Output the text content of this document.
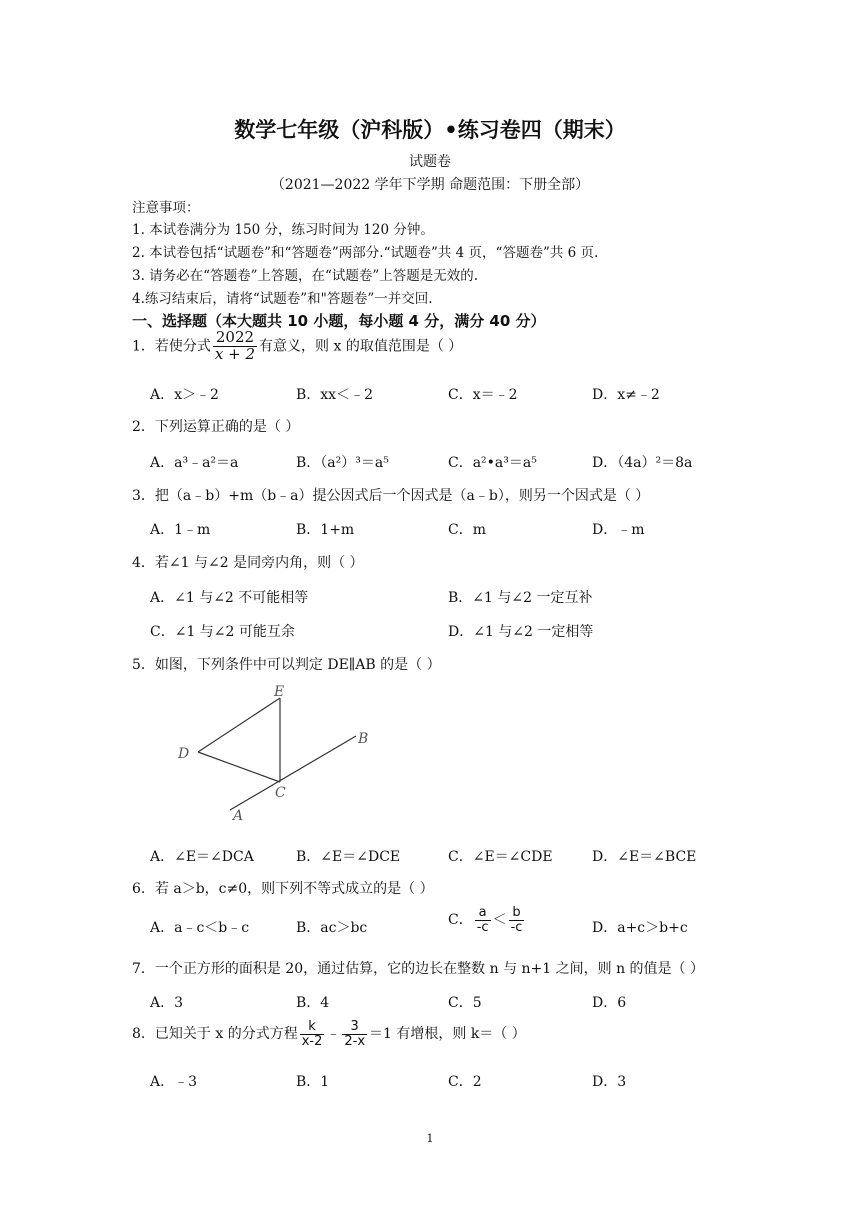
数学七年级（沪科版）•练习卷四（期末）
试题卷
（2021—2022 学年下学期 命题范围：下册全部）
注意事项：
1. 本试卷满分为 150 分，练习时间为 120 分钟。
2. 本试卷包括“试题卷”和“答题卷”两部分.“试题卷”共 4 页，“答题卷”共 6 页.
3. 请务必在“答题卷”上答题，在“试题卷”上答题是无效的.
4.练习结束后，请将“试题卷”和"答题卷”一并交回.
一、选择题（本大题共 10 小题，每小题 4 分，满分 40 分）
1．若使分式 $\frac{2022}{x + 2}$ 有意义，则 x 的取值范围是（ ）
A．x＞﹣2	B．xx＜﹣2	C．x＝﹣2	D．x≠﹣2
2．下列运算正确的是（ ）
A．a³﹣a²＝a	B．（a²）³＝a⁵	C．a²•a³＝a⁵	D．（4a）²＝8a
3．把（a﹣b）+m（b﹣a）提公因式后一个因式是（a﹣b），则另一个因式是（ ）
A．1﹣m	B．1+m	C．m	D．﹣m
4．若∠1 与∠2 是同旁内角，则（ ）
A．∠1 与∠2 不可能相等	B．∠1 与∠2 一定互补
C．∠1 与∠2 可能互余	D．∠1 与∠2 一定相等
5．如图，下列条件中可以判定 DE∥AB 的是（ ）
E
D
B
C
A
A．∠E＝∠DCA	B．∠E＝∠DCE	C．∠E＝∠CDE	D．∠E＝∠BCE
6．若 a＞b，c≠0，则下列不等式成立的是（ ）
A．a﹣c＜b﹣c	B．ac＞bc	C． $\frac{a}{-c} < \frac{b}{-c}$	D．a+c＞b+c
7．一个正方形的面积是 20，通过估算，它的边长在整数 n 与 n+1 之间，则 n 的值是（ ）
A．3	B．4	C．5	D．6
8．已知关于 x 的分式方程 $\frac{k}{x-2}$ ﹣ $\frac{3}{2-x} =1$ 有增根，则 k＝（ ）
A．﹣3	B．1	C．2	D．3
1
